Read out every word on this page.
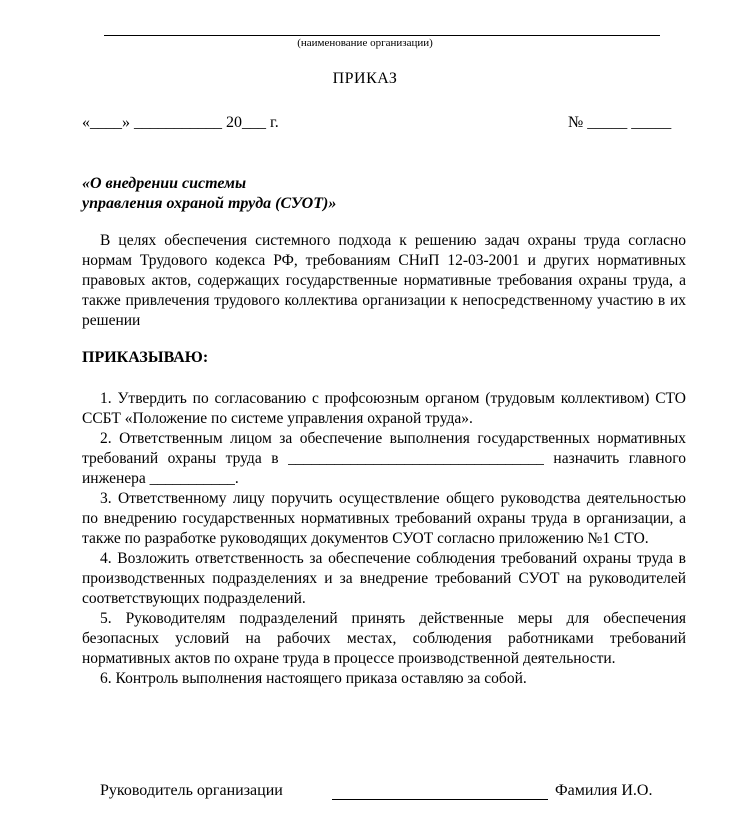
(наименование организации)
ПРИКАЗ
«____» ___________ 20___ г.	№ _____ _____
«О внедрении системы
управления охраной труда (СУОТ)»
В целях обеспечения системного подхода к решению задач охраны труда согласно нормам Трудового кодекса РФ, требованиям СНиП 12-03-2001 и других нормативных правовых актов, содержащих государственные нормативные требования охраны труда, а также привлечения трудового коллектива организации к непосредственному участию в их решении
ПРИКАЗЫВАЮ:

1. Утвердить по согласованию с профсоюзным органом (трудовым коллективом) СТО ССБТ «Положение по системе управления охраной труда».

2. Ответственным лицом за обеспечение выполнения государственных нормативных требований охраны труда в _________________________________ назначить главного инженера ___________.

3. Ответственному лицу поручить осуществление общего руководства деятельностью по внедрению государственных нормативных требований охраны труда в организации, а также по разработке руководящих документов СУОТ согласно приложению №1 СТО.

4. Возложить ответственность за обеспечение соблюдения требований охраны труда в производственных подразделениях и за внедрение требований СУОТ на руководителей соответствующих подразделений.

5. Руководителям подразделений принять действенные меры для обеспечения безопасных условий на рабочих местах, соблюдения работниками требований нормативных актов по охране труда в процессе производственной деятельности.

6. Контроль выполнения настоящего приказа оставляю за собой.

Руководитель организации	Фамилия И.О.
